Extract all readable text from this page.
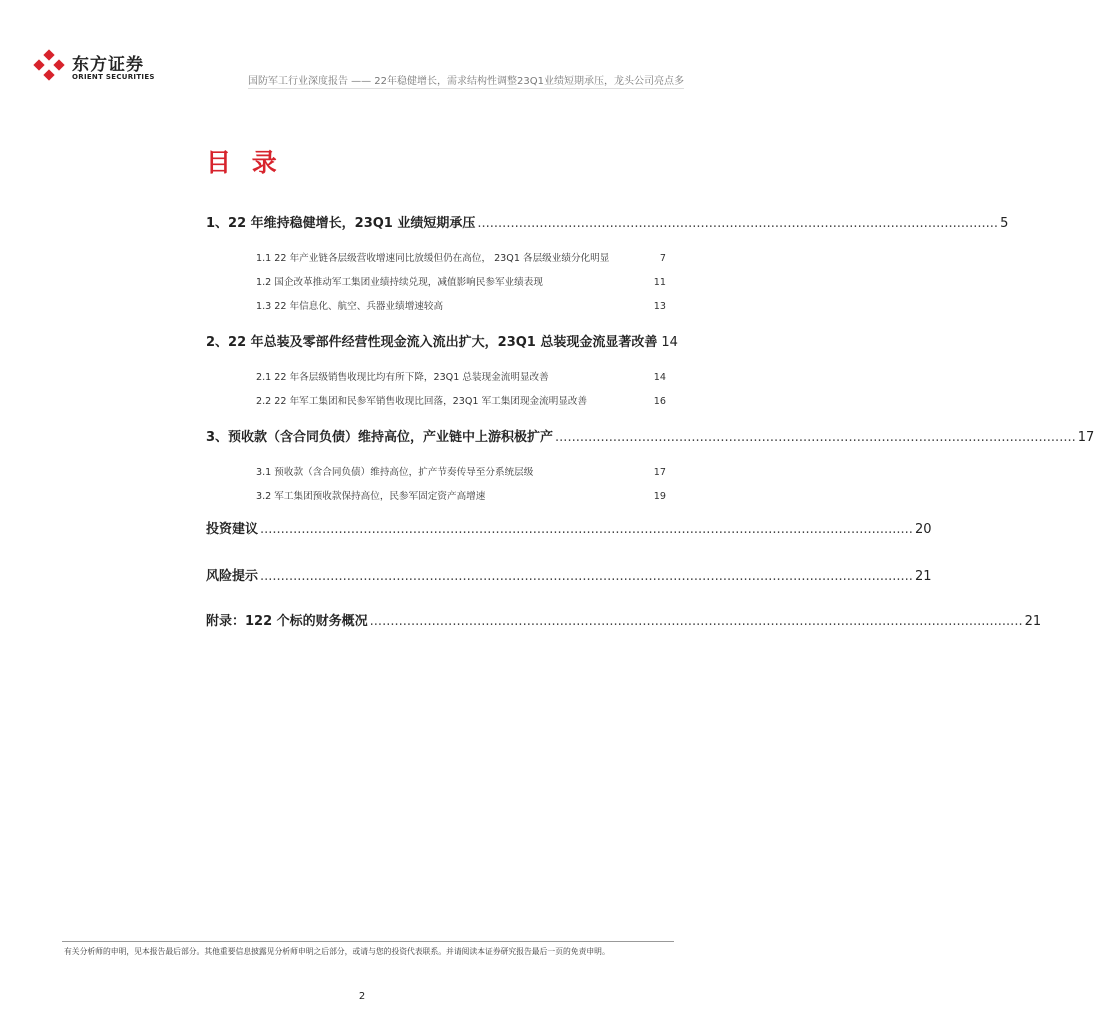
东方证券
ORIENT SECURITIES	国防军工行业深度报告 —— 22年稳健增长，需求结构性调整23Q1业绩短期承压，龙头公司亮点多
目 录
1、22 年维持稳健增长，23Q1 业绩短期承压 .............................................................................................................................. 5
1.1 22 年产业链各层级营收增速同比放缓但仍在高位， 23Q1 各层级业绩分化明显	7
1.2 国企改革推动军工集团业绩持续兑现，减值影响民参军业绩表现	11
1.3 22 年信息化、航空、兵器业绩增速较高	13
2、22 年总装及零部件经营性现金流入流出扩大，23Q1 总装现金流显著改善 14
2.1 22 年各层级销售收现比均有所下降，23Q1 总装现金流明显改善	14
2.2 22 年军工集团和民参军销售收现比回落，23Q1 军工集团现金流明显改善	16
3、预收款（含合同负债）维持高位，产业链中上游积极扩产 .............................................................................................................................. 17
3.1 预收款（含合同负债）维持高位，扩产节奏传导至分系统层级	17
3.2 军工集团预收款保持高位，民参军固定资产高增速	19
投资建议 .............................................................................................................................................................. 20
风险提示 .............................................................................................................................................................. 21
附录：122 个标的财务概况 .............................................................................................................................................................. 21
有关分析师的申明，见本报告最后部分。其他重要信息披露见分析师申明之后部分，或请与您的投资代表联系。并请阅读本证券研究报告最后一页的免责申明。
2
